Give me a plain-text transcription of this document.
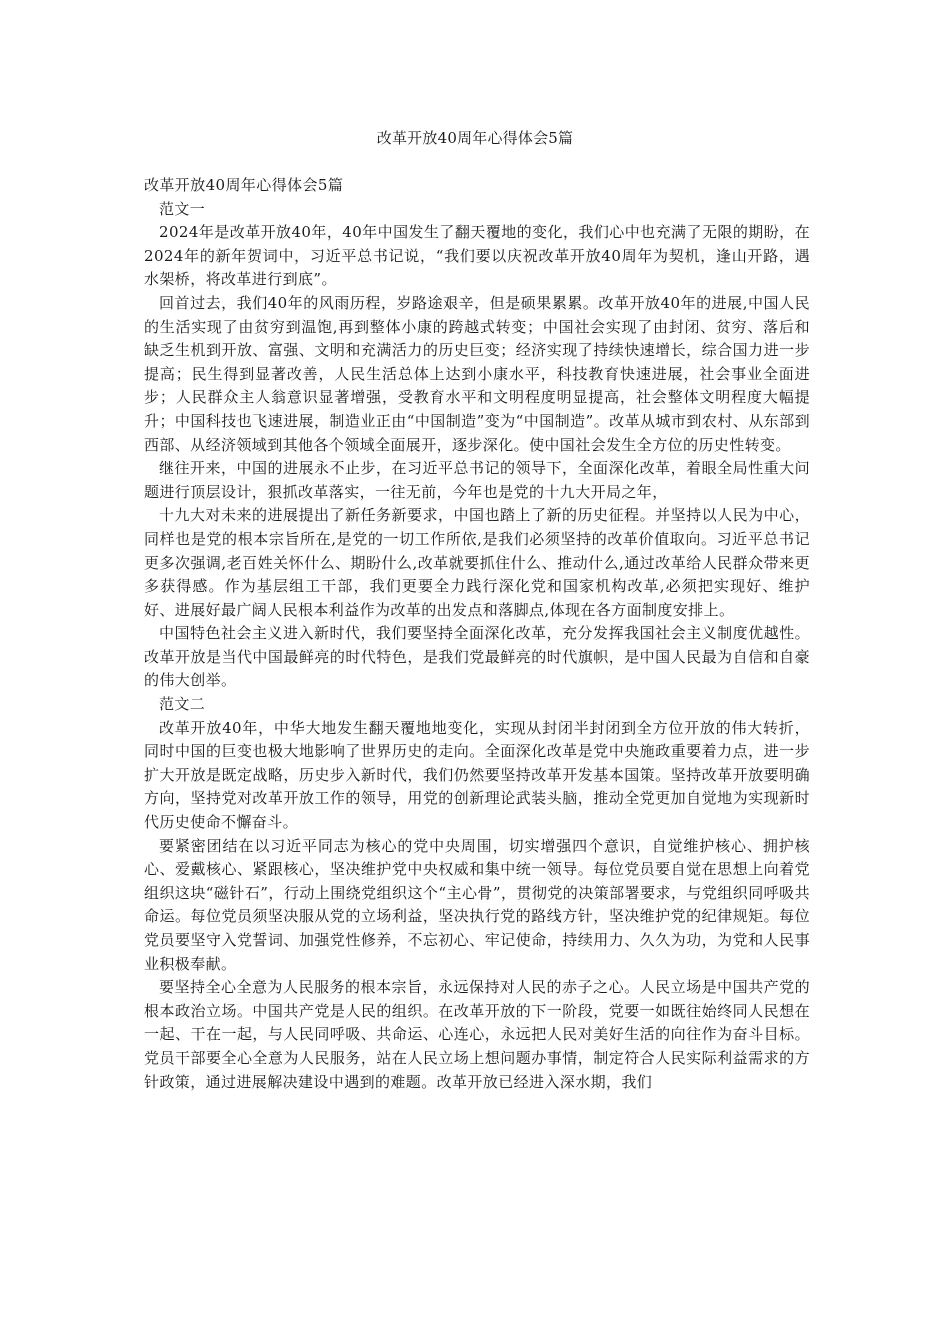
改革开放40周年心得体会5篇

改革开放40周年心得体会5篇

范文一

2024年是改革开放40年，40年中国发生了翻天覆地的变化，我们心中也充满了无限的期盼，在2024年的新年贺词中，习近平总书记说，“我们要以庆祝改革开放40周年为契机，逢山开路，遇水架桥，将改革进行到底”。

回首过去，我们40年的风雨历程，岁路途艰辛，但是硕果累累。改革开放40年的进展,中国人民的生活实现了由贫穷到温饱,再到整体小康的跨越式转变；中国社会实现了由封闭、贫穷、落后和缺乏生机到开放、富强、文明和充满活力的历史巨变；经济实现了持续快速增长，综合国力进一步提高；民生得到显著改善，人民生活总体上达到小康水平，科技教育快速进展，社会事业全面进步；人民群众主人翁意识显著增强，受教育水平和文明程度明显提高，社会整体文明程度大幅提升；中国科技也飞速进展，制造业正由“中国制造”变为“中国制造”。改革从城市到农村、从东部到西部、从经济领域到其他各个领域全面展开，逐步深化。使中国社会发生全方位的历史性转变。

继往开来，中国的进展永不止步，在习近平总书记的领导下，全面深化改革，着眼全局性重大问题进行顶层设计，狠抓改革落实，一往无前，今年也是党的十九大开局之年，

十九大对未来的进展提出了新任务新要求，中国也踏上了新的历史征程。并坚持以人民为中心，同样也是党的根本宗旨所在,是党的一切工作所依,是我们必须坚持的改革价值取向。习近平总书记更多次强调,老百姓关怀什么、期盼什么,改革就要抓住什么、推动什么,通过改革给人民群众带来更多获得感。作为基层组工干部，我们更要全力践行深化党和国家机构改革,必须把实现好、维护好、进展好最广阔人民根本利益作为改革的出发点和落脚点,体现在各方面制度安排上。

中国特色社会主义进入新时代，我们要坚持全面深化改革，充分发挥我国社会主义制度优越性。改革开放是当代中国最鲜亮的时代特色，是我们党最鲜亮的时代旗帜，是中国人民最为自信和自豪的伟大创举。

范文二

改革开放40年，中华大地发生翻天覆地地变化，实现从封闭半封闭到全方位开放的伟大转折，同时中国的巨变也极大地影响了世界历史的走向。全面深化改革是党中央施政重要着力点，进一步扩大开放是既定战略，历史步入新时代，我们仍然要坚持改革开发基本国策。坚持改革开放要明确方向，坚持党对改革开放工作的领导，用党的创新理论武装头脑，推动全党更加自觉地为实现新时代历史使命不懈奋斗。

要紧密团结在以习近平同志为核心的党中央周围，切实增强四个意识，自觉维护核心、拥护核心、爱戴核心、紧跟核心，坚决维护党中央权威和集中统一领导。每位党员要自觉在思想上向着党组织这块“磁针石”，行动上围绕党组织这个“主心骨”，贯彻党的决策部署要求，与党组织同呼吸共命运。每位党员须坚决服从党的立场利益，坚决执行党的路线方针，坚决维护党的纪律规矩。每位党员要坚守入党誓词、加强党性修养，不忘初心、牢记使命，持续用力、久久为功，为党和人民事业积极奉献。

要坚持全心全意为人民服务的根本宗旨，永远保持对人民的赤子之心。人民立场是中国共产党的根本政治立场。中国共产党是人民的组织。在改革开放的下一阶段，党要一如既往始终同人民想在一起、干在一起，与人民同呼吸、共命运、心连心，永远把人民对美好生活的向往作为奋斗目标。党员干部要全心全意为人民服务，站在人民立场上想问题办事情，制定符合人民实际利益需求的方针政策，通过进展解决建设中遇到的难题。改革开放已经进入深水期，我们
